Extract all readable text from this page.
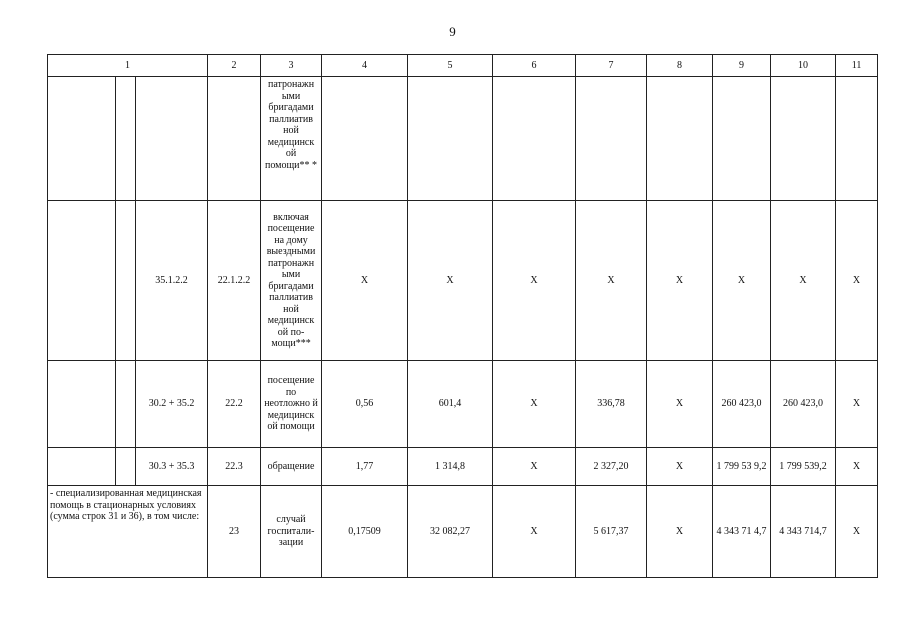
9
1			2	3	4	5	6	7	8	9	10	11
				патронажн ыми бригадами паллиатив ной медицинск ой помощи** *								
		35.1.2.2	22.1.2.2	включая посещение на дому выездными патронажн ыми бригадами паллиатив ной медицинск ой по-мощи***	X	X	X	X	X	X	X	X
		30.2 + 35.2	22.2	посещение по неотложно й медицинск ой помощи	0,56	601,4	X	336,78	X	260 423,0	260 423,0	X
		30.3 + 35.3	22.3	обращение	1,77	1 314,8	X	2 327,20	X	1 799 53 9,2	1 799 539,2	X
- специализированная медицинская помощь в стационарных условиях (сумма строк 31 и 36), в том числе:			23	случай госпитали-зации	0,17509	32 082,27	X	5 617,37	X	4 343 71 4,7	4 343 714,7	X
